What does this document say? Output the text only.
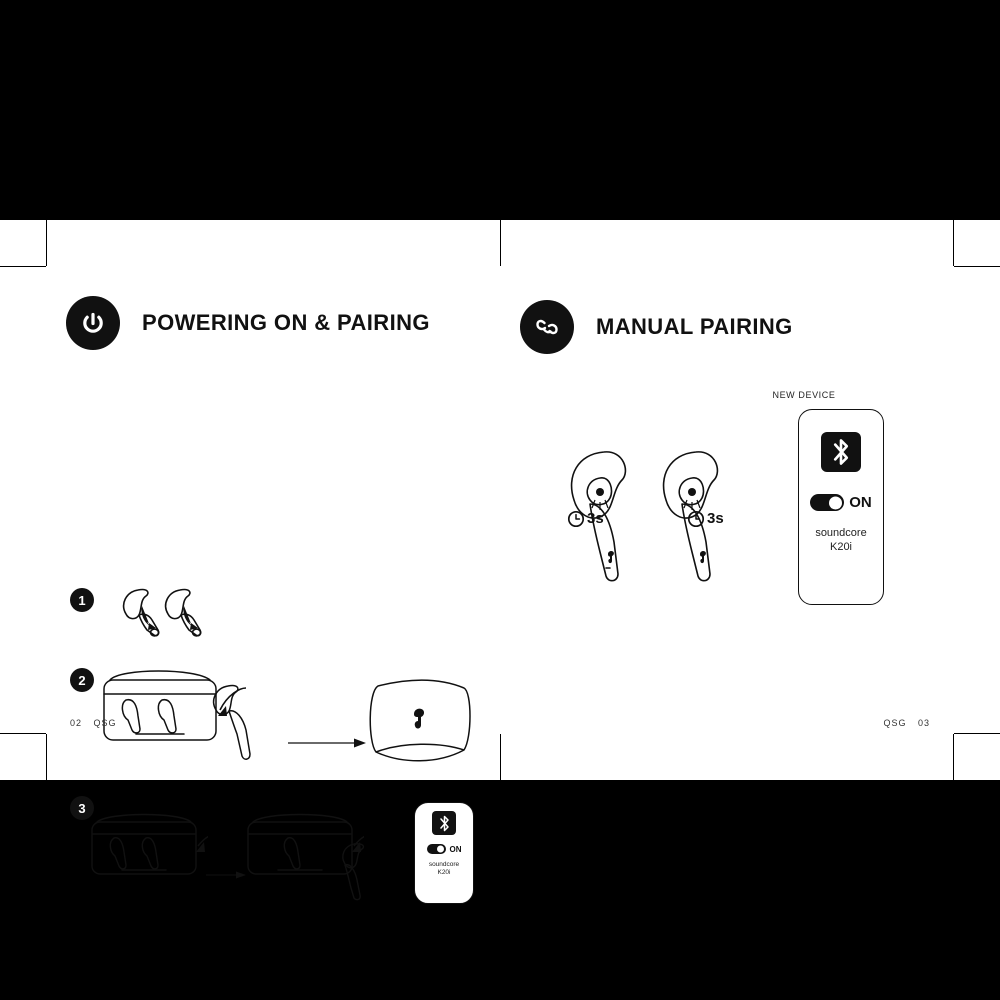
POWERING ON & PAIRING
1
2
3
ON
soundcore
K20i
02 QSG
MANUAL PAIRING
3s	3s
NEW DEVICE
ON
soundcore
K20i
QSG 03
